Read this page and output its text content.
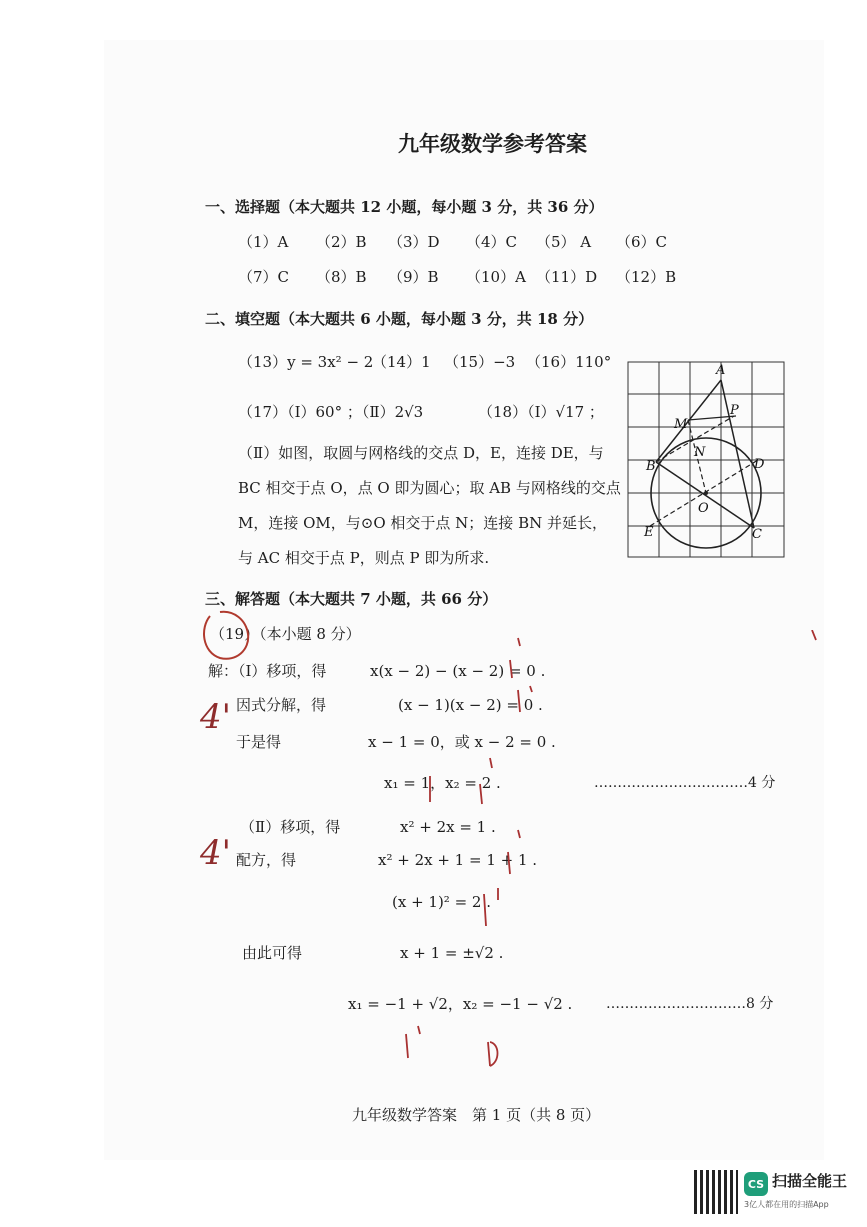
九年级数学参考答案
一、选择题（本大题共 12 小题，每小题 3 分，共 36 分）
（1）A （2）B （3）D （4）C （5） A （6）C
（7）C （8）B （9）B （10）A （11）D （12）B
二、填空题（本大题共 6 小题，每小题 3 分，共 18 分）
（13）y = 3x² − 2
（14）1 （15）−3 （16）110°
（17）（Ⅰ）60° ；（Ⅱ）2√3	（18）（Ⅰ）√17 ；
（Ⅱ）如图，取圆与网格线的交点 D，E，连接 DE，与
BC 相交于点 O，点 O 即为圆心；取 AB 与网格线的交点
M，连接 OM，与⊙O 相交于点 N；连接 BN 并延长，
与 AC 相交于点 P，则点 P 即为所求.
A
P
M
N
B	D
O
E	C
三、解答题（本大题共 7 小题，共 66 分）
（19）（本小题 8 分）
解：（Ⅰ）移项，得	x(x − 2) − (x − 2) = 0 .
因式分解，得	(x − 1)(x − 2) = 0 .
于是得	x − 1 = 0，或 x − 2 = 0 .
x₁ = 1，x₂ = 2 .	……………………………4 分
（Ⅱ）移项，得	x² + 2x = 1 .
配方，得	x² + 2x + 1 = 1 + 1 .
(x + 1)² = 2 .
由此可得	x + 1 = ±√2 .
x₁ = −1 + √2，x₂ = −1 − √2 . …………………………8 分
4'
4'
九年级数学答案　第 1 页（共 8 页）
CS 扫描全能王
3亿人都在用的扫描App
